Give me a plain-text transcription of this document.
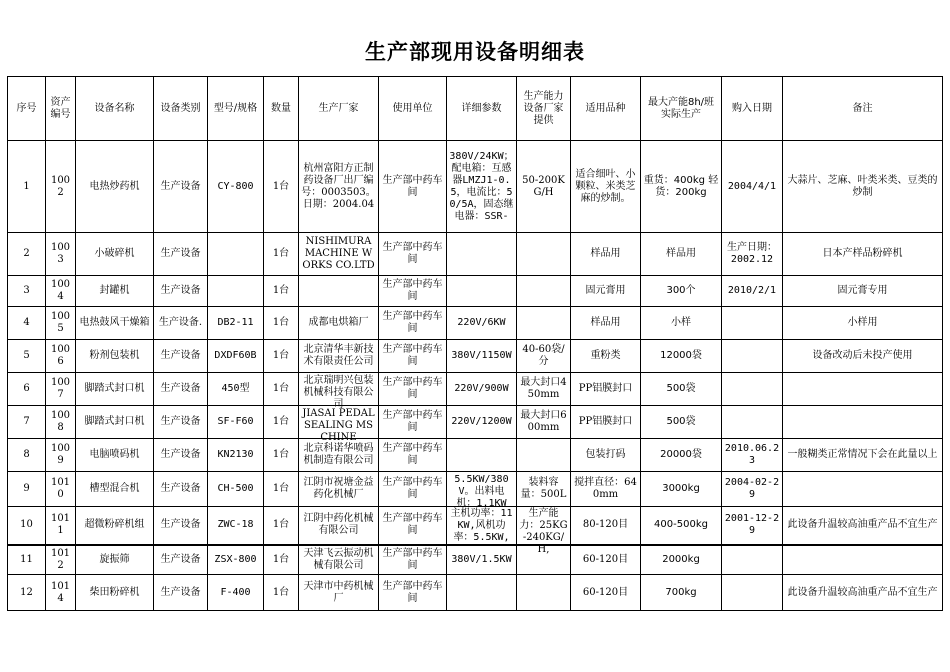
生产部现用设备明细表
序号	资产编号	设备名称	设备类别	型号/规格	数量	生产厂家	使用单位	详细参数	生产能力设备厂家提供	适用品种	最大产能8h/班实际生产	购入日期	备注

1	1002	电热炒药机	生产设备	CY-800	1台	杭州富阳方正制药设备厂出厂编号：0003503。日期：2004.04	生产部中药车间	380V/24KW；配电箱：互感器LMZJ1-0.5，电流比：50/5A，固态继电器：SSR-	50-200KG/H	适合细叶、小颗粒、米类芝麻的炒制。	重货：400kg 轻货：200kg	2004/4/1	大蒜片、芝麻、叶类米类、豆类的炒制

2	1003	小破碎机	生产设备		1台	NISHIMURA MACHINE WORKS CO.LTD	生产部中药车间			样品用	样品用	生产日期：2002.12	日本产样品粉碎机

3	1004	封罐机	生产设备		1台		生产部中药车间			固元膏用	300个	2010/2/1	固元膏专用

4	1005	电热鼓风干燥箱	生产设备.	DB2-11	1台	成都电烘箱厂	生产部中药车间	220V/6KW		样品用	小样		小样用

5	1006	粉剂包装机	生产设备	DXDF60B	1台	北京清华丰新技术有限责任公司	生产部中药车间	380V/1150W	40-60袋/分	重粉类	12000袋		设备改动后未投产使用

6	1007	脚踏式封口机	生产设备	450型	1台	北京瑞明兴包装机械科技有限公司	生产部中药车间	220V/900W	最大封口450mm	PP铝膜封口	500袋		

7	1008	脚踏式封口机	生产设备	SF-F60	1台	JIASAI PEDAL SEALING MSCHINE	生产部中药车间	220V/1200W	最大封口600mm	PP铝膜封口	500袋		

8	1009	电脑喷码机	生产设备	KN2130	1台	北京科诺华喷码机制造有限公司	生产部中药车间			包装打码	20000袋	2010.06.23	一般糊类正常情况下会在此量以上

9	1010	槽型混合机	生产设备	CH-500	1台	江阴市祝塘金益药化机械厂	生产部中药车间	5.5KW/380V。出料电机：1.1KW	装料容量：500L	搅拌直径：640mm	3000kg	2004-02-29	

10	1011	超微粉碎机组	生产设备	ZWC-18	1台	江阴中药化机械有限公司	生产部中药车间	主机功率：11KW,风机功率：5.5KW,	生产能力：25KG-240KG/H,	80-120目	400-500kg	2001-12-29	此设备升温较高油重产品不宜生产

11	1012	旋振筛	生产设备	ZSX-800	1台	天津飞云振动机械有限公司	生产部中药车间	380V/1.5KW		60-120目	2000kg		

12	1014	柴田粉碎机	生产设备	F-400	1台	天津市中药机械厂	生产部中药车间			60-120目	700kg		此设备升温较高油重产品不宜生产
